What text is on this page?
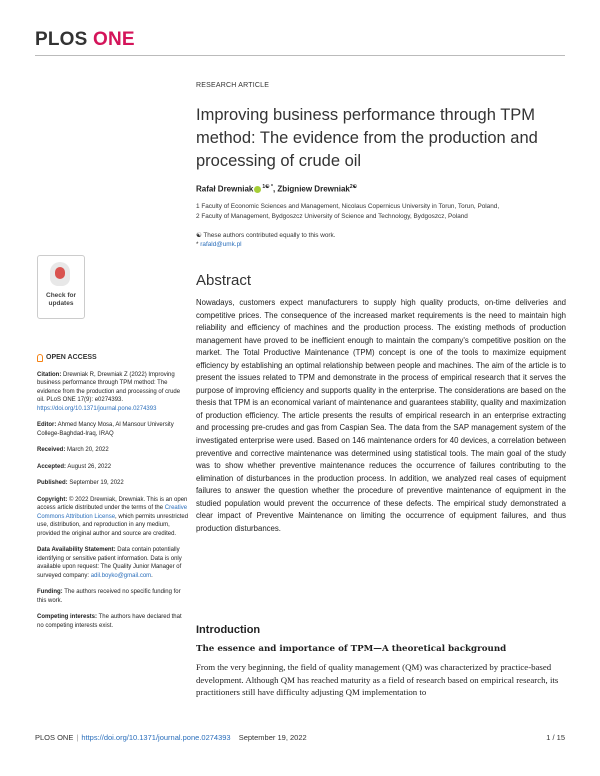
PLOS ONE
RESEARCH ARTICLE
Improving business performance through TPM method: The evidence from the production and processing of crude oil
Rafał Drewniak $^{1☯ *}$, Zbigniew Drewniak$^{2☯}$
1 Faculty of Economic Sciences and Management, Nicolaus Copernicus University in Torun, Torun, Poland,
2 Faculty of Management, Bydgoszcz University of Science and Technology, Bydgoszcz, Poland
☯ These authors contributed equally to this work.
* rafald@umk.pl
Check for
updates
OPEN ACCESS
Citation: Drewniak R, Drewniak Z (2022) Improving business performance through TPM method: The evidence from the production and processing of crude oil. PLoS ONE 17(9): e0274393. https://doi.org/10.1371/journal.pone.0274393
Editor: Ahmed Mancy Mosa, Al Mansour University College-Baghdad-Iraq, IRAQ
Received: March 20, 2022
Accepted: August 26, 2022
Published: September 19, 2022
Copyright: © 2022 Drewniak, Drewniak. This is an open access article distributed under the terms of the Creative Commons Attribution License, which permits unrestricted use, distribution, and reproduction in any medium, provided the original author and source are credited.
Data Availability Statement: Data contain potentially identifying or sensitive patient information. Data is only available upon request: The Quality Junior Manager of surveyed company: adil.boyko@gmail.com.
Funding: The authors received no specific funding for this work.
Competing interests: The authors have declared that no competing interests exist.
Abstract

Nowadays, customers expect manufacturers to supply high quality products, on-time deliveries and competitive prices. The consequence of the increased market requirements is the need to maintain high reliability and efficiency of machines and the production process. The existing methods of production management have proved to be inefficient enough to maintain the company's competitive position on the market. The Total Productive Maintenance (TPM) concept is one of the tools to maximize equipment efficiency by establishing an optimal relationship between people and machines. The aim of the article is to present the issues related to TPM and demonstrate in the process of empirical research that it serves the purpose of improving efficiency and supports quality in the enterprise. The considerations are based on the thesis that TPM is an economical variant of maintenance and guarantees stability, quality and maximization of production efficiency. The article presents the results of empirical research in an enterprise extracting and processing pre-crudes and gas from Caspian Sea. The data from the SAP management system of the investigated enterprise were used. Based on 146 maintenance orders for 40 devices, a correlation between preventive and corrective maintenance was determined using statistical tools. The main goal of the study was to show whether preventive maintenance reduces the occurrence of failures contributing to the elimination of disturbances in the production process. In addition, we analyzed real cases of equipment failures to answer the question whether the procedure of preventive maintenance of equipment in the studied population would prevent the occurrence of these defects. The empirical study demonstrated a clear impact of Preventive Maintenance on limiting the occurrence of equipment failures, and thus production disturbances.

Introduction
The essence and importance of TPM—A theoretical background

From the very beginning, the field of quality management (QM) was characterized by practice-based development. Although QM has reached maturity as a field of research based on empirical research, its practitioners still have difficulty adjusting QM implementation to

PLOS ONE | https://doi.org/10.1371/journal.pone.0274393 September 19, 2022	1 / 15
